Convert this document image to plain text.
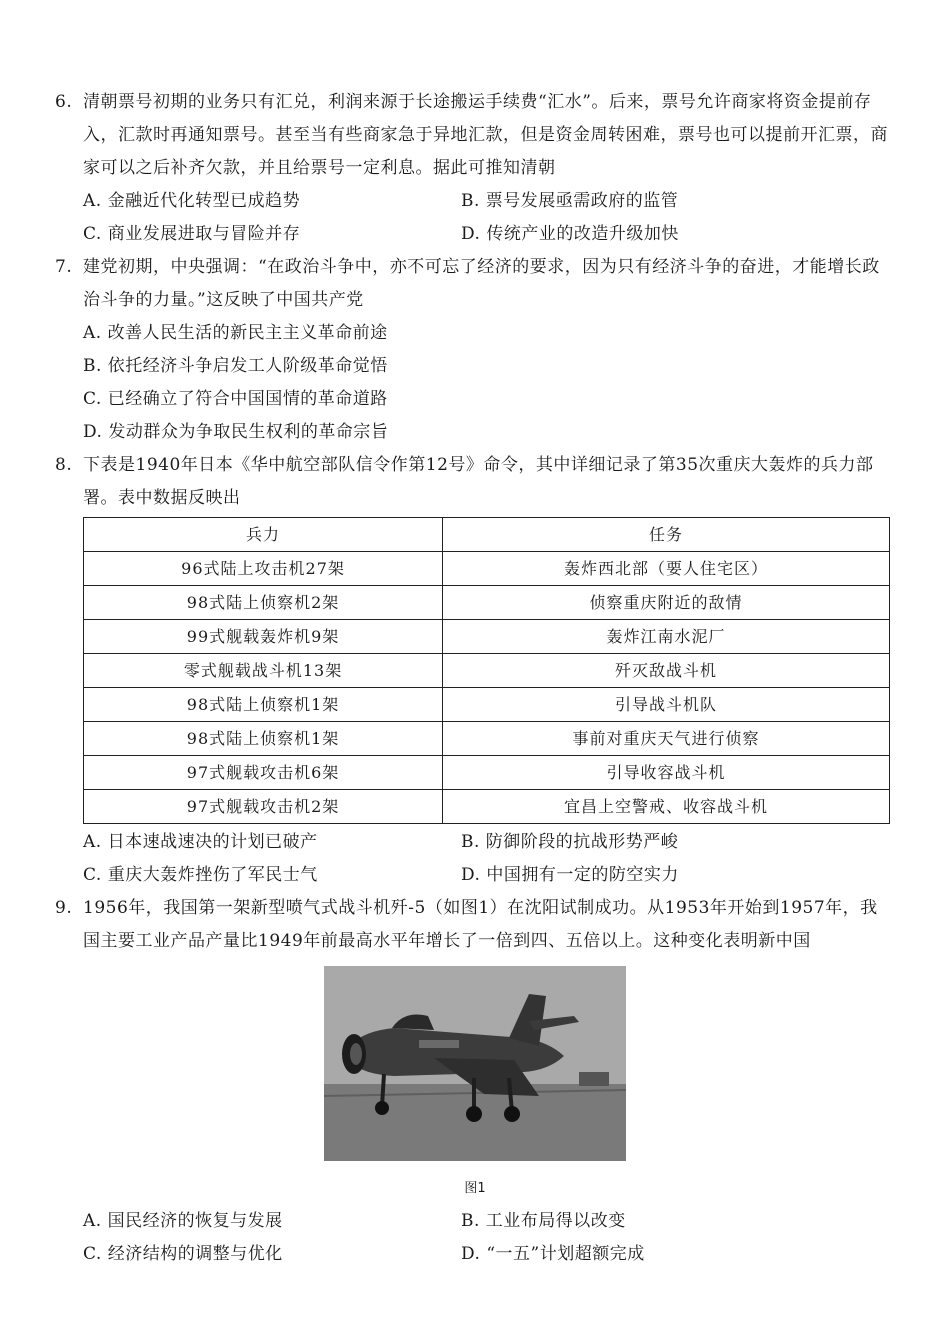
6. 清朝票号初期的业务只有汇兑，利润来源于长途搬运手续费“汇水”。后来，票号允许商家将资金提前存入，汇款时再通知票号。甚至当有些商家急于异地汇款，但是资金周转困难，票号也可以提前开汇票，商家可以之后补齐欠款，并且给票号一定利息。据此可推知清朝
A. 金融近代化转型已成趋势	B. 票号发展亟需政府的监管
C. 商业发展进取与冒险并存	D. 传统产业的改造升级加快
7. 建党初期，中央强调：“在政治斗争中，亦不可忘了经济的要求，因为只有经济斗争的奋进，才能增长政治斗争的力量。”这反映了中国共产党
A. 改善人民生活的新民主主义革命前途
B. 依托经济斗争启发工人阶级革命觉悟
C. 已经确立了符合中国国情的革命道路
D. 发动群众为争取民生权利的革命宗旨
8. 下表是1940年日本《华中航空部队信令作第12号》命令，其中详细记录了第35次重庆大轰炸的兵力部署。表中数据反映出
兵力	任务
96式陆上攻击机27架	轰炸西北部（要人住宅区）
98式陆上侦察机2架	侦察重庆附近的敌情
99式舰载轰炸机9架	轰炸江南水泥厂
零式舰载战斗机13架	歼灭敌战斗机
98式陆上侦察机1架	引导战斗机队
98式陆上侦察机1架	事前对重庆天气进行侦察
97式舰载攻击机6架	引导收容战斗机
97式舰载攻击机2架	宜昌上空警戒、收容战斗机
A. 日本速战速决的计划已破产	B. 防御阶段的抗战形势严峻
C. 重庆大轰炸挫伤了军民士气	D. 中国拥有一定的防空实力
9. 1956年，我国第一架新型喷气式战斗机歼-5（如图1）在沈阳试制成功。从1953年开始到1957年，我国主要工业产品产量比1949年前最高水平年增长了一倍到四、五倍以上。这种变化表明新中国
图1
A. 国民经济的恢复与发展	B. 工业布局得以改变
C. 经济结构的调整与优化	D. “一五”计划超额完成
